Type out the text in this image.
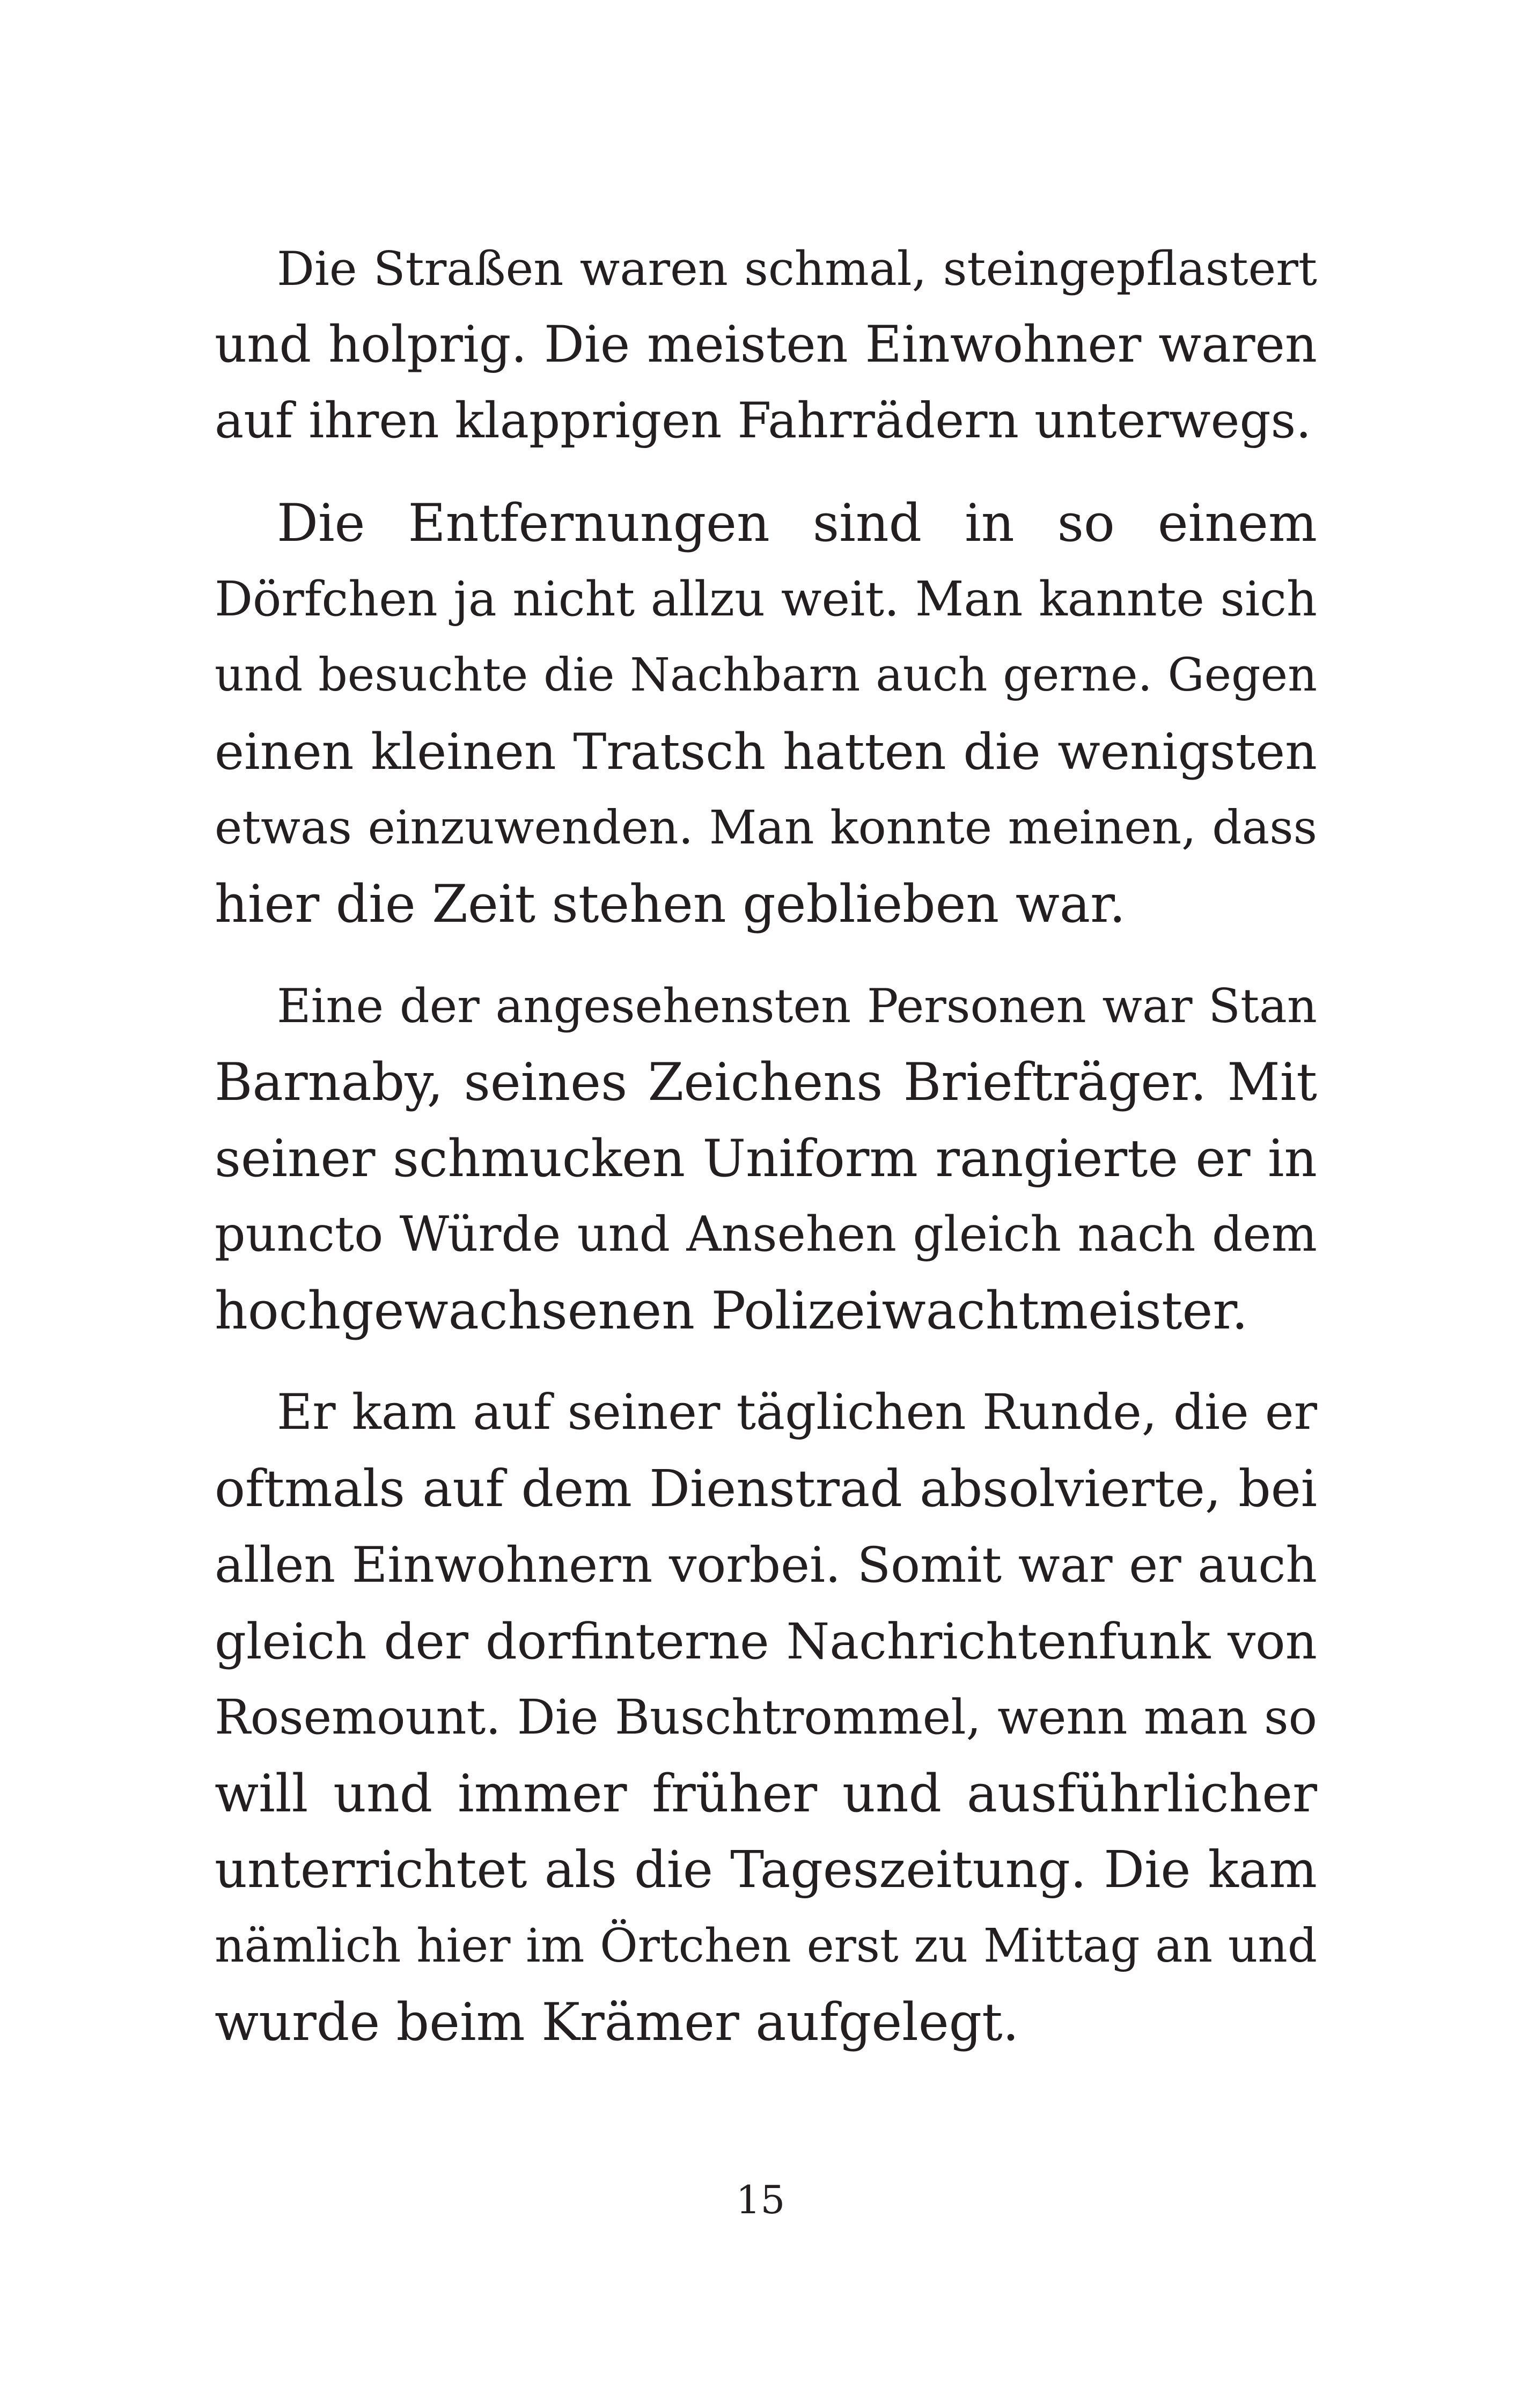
Die Straßen waren schmal, steingepflastert
und holprig. Die meisten Einwohner waren
auf ihren klapprigen Fahrrädern unterwegs.

Die Entfernungen sind in so einem
Dörfchen ja nicht allzu weit. Man kannte sich
und besuchte die Nachbarn auch gerne. Gegen
einen kleinen Tratsch hatten die wenigsten
etwas einzuwenden. Man konnte meinen, dass
hier die Zeit stehen geblieben war.

Eine der angesehensten Personen war Stan
Barnaby, seines Zeichens Briefträger. Mit
seiner schmucken Uniform rangierte er in
puncto Würde und Ansehen gleich nach dem
hochgewachsenen Polizeiwachtmeister.

Er kam auf seiner täglichen Runde, die er
oftmals auf dem Dienstrad absolvierte, bei
allen Einwohnern vorbei. Somit war er auch
gleich der dorfinterne Nachrichtenfunk von
Rosemount. Die Buschtrommel, wenn man so
will und immer früher und ausführlicher
unterrichtet als die Tageszeitung. Die kam
nämlich hier im Örtchen erst zu Mittag an und
wurde beim Krämer aufgelegt.

15
